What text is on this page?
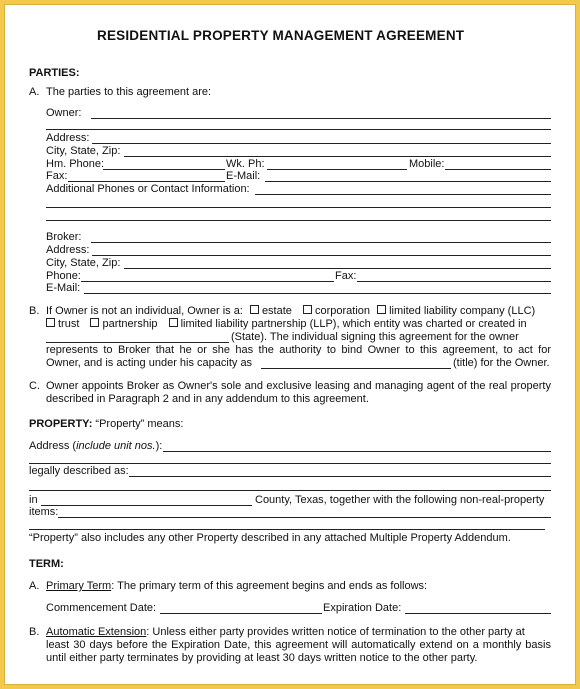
RESIDENTIAL PROPERTY MANAGEMENT AGREEMENT
PARTIES:
A. The parties to this agreement are:
Owner:
Address:
City, State, Zip:
Hm. Phone:	Wk. Ph:	Mobile:
Fax:	E-Mail:
Additional Phones or Contact Information:
Broker:
Address:
City, State, Zip:
Phone:	Fax:
E-Mail:
B. If Owner is not an individual, Owner is a: estate corporation limited liability company (LLC)
trust partnership limited liability partnership (LLP), which entity was charted or created in
(State). The individual signing this agreement for the owner
represents to Broker that he or she has the authority to bind Owner to this agreement, to act for
Owner, and is acting under his capacity as	(title) for the Owner.
C. Owner appoints Broker as Owner's sole and exclusive leasing and managing agent of the real property
described in Paragraph 2 and in any addendum to this agreement.
PROPERTY: “Property” means:
Address (include unit nos.):
legally described as:
in	County, Texas, together with the following non-real-property
items:
“Property” also includes any other Property described in any attached Multiple Property Addendum.
TERM:
A. Primary Term: The primary term of this agreement begins and ends as follows:
Commencement Date:	Expiration Date:
B. Automatic Extension: Unless either party provides written notice of termination to the other party at
least 30 days before the Expiration Date, this agreement will automatically extend on a monthly basis
until either party terminates by providing at least 30 days written notice to the other party.
